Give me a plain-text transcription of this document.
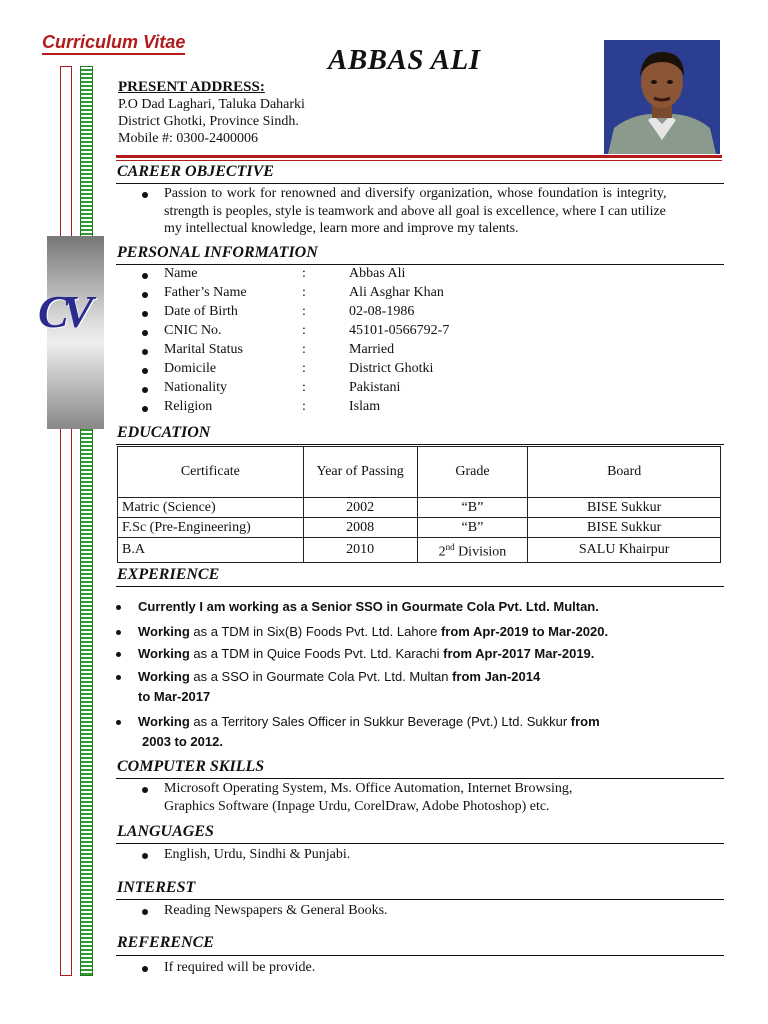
Curriculum Vitae
CV
ABBAS ALI
PRESENT ADDRESS:
P.O Dad Laghari, Taluka Daharki
District Ghotki, Province Sindh.
Mobile #: 0300-2400006
CAREER OBJECTIVE
Passion to work for renowned and diversify organization, whose foundation is integrity,
strength is peoples, style is teamwork and above all goal is excellence, where I can utilize
my intellectual knowledge, learn more and improve my talents.
PERSONAL INFORMATION
Name	:	Abbas Ali
Father’s Name	:	Ali Asghar Khan
Date of Birth	:	02-08-1986
CNIC No.	:	45101-0566792-7
Marital Status	:	Married
Domicile	:	District Ghotki
Nationality	:	Pakistani
Religion	:	Islam
EDUCATION
Certificate	Year of Passing	Grade	Board
Matric (Science)	2002	“B”	BISE Sukkur
F.Sc (Pre-Engineering)	2008	“B”	BISE Sukkur
B.A	2010	2nd Division	SALU Khairpur
EXPERIENCE
Currently I am working as a Senior SSO in Gourmate Cola Pvt. Ltd. Multan.
Working as a TDM in Six(B) Foods Pvt. Ltd. Lahore from Apr-2019 to Mar-2020.
Working as a TDM in Quice Foods Pvt. Ltd. Karachi from Apr-2017 Mar-2019.
Working as a SSO in Gourmate Cola Pvt. Ltd. Multan from Jan-2014
to Mar-2017
Working as a Territory Sales Officer in Sukkur Beverage (Pvt.) Ltd. Sukkur from
2003 to 2012.
COMPUTER SKILLS
Microsoft Operating System, Ms. Office Automation, Internet Browsing,
Graphics Software (Inpage Urdu, CorelDraw, Adobe Photoshop) etc.
LANGUAGES
English, Urdu, Sindhi & Punjabi.
INTEREST
Reading Newspapers & General Books.
REFERENCE
If required will be provide.
